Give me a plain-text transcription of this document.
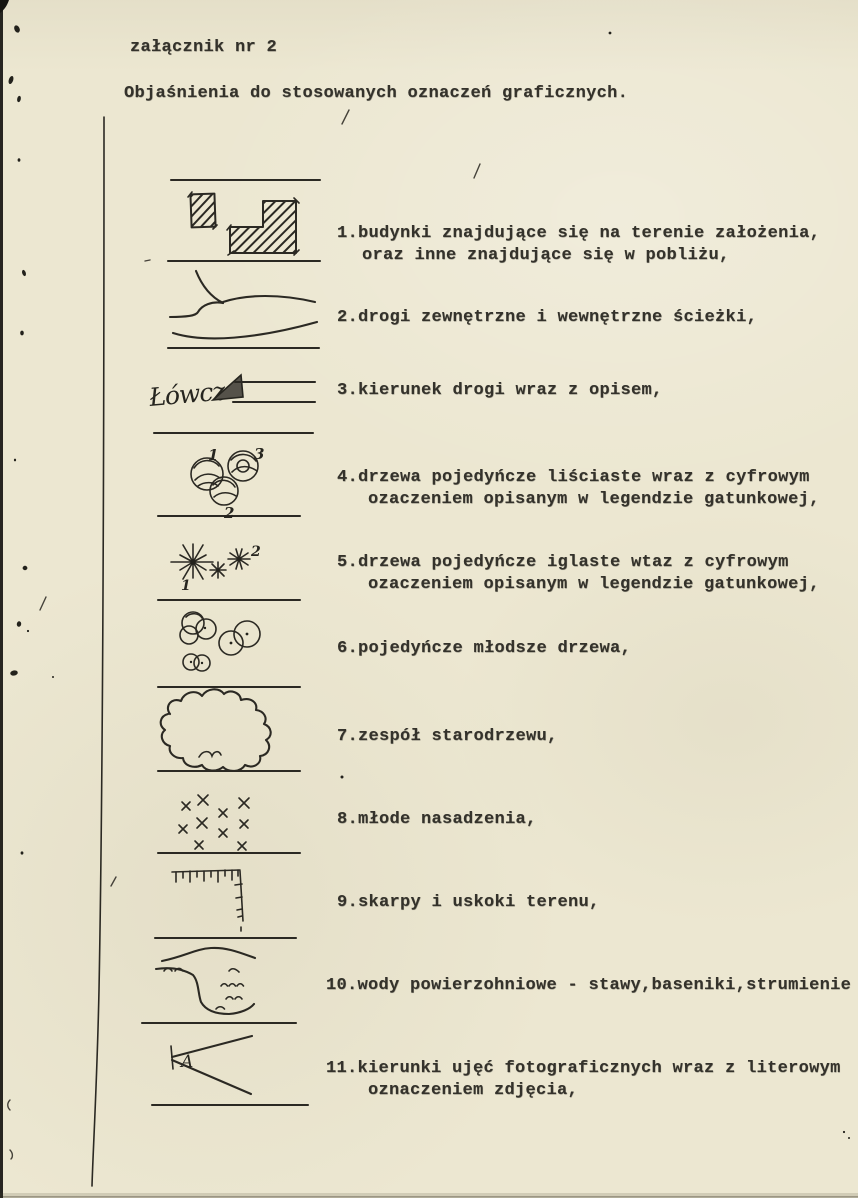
Łówcz
1
2
3
1
2
A
załącznik nr 2
Objaśnienia do stosowanych oznaczeń graficznych.
1.budynki znajdujące się na terenie założenia,
oraz inne znajdujące się w pobliżu,
2.drogi zewnętrzne i wewnętrzne ścieżki,
3.kierunek drogi wraz z opisem,
4.drzewa pojedyńcze liściaste wraz z cyfrowym
ozaczeniem opisanym w legendzie gatunkowej,
5.drzewa pojedyńcze iglaste wtaz z cyfrowym
ozaczeniem opisanym w legendzie gatunkowej,
6.pojedyńcze młodsze drzewa,
7.zespół starodrzewu,
8.młode nasadzenia,
9.skarpy i uskoki terenu,
10.wody powierzohniowe - stawy,baseniki,strumienie
11.kierunki ujęć fotograficznych wraz z literowym
oznaczeniem zdjęcia,
